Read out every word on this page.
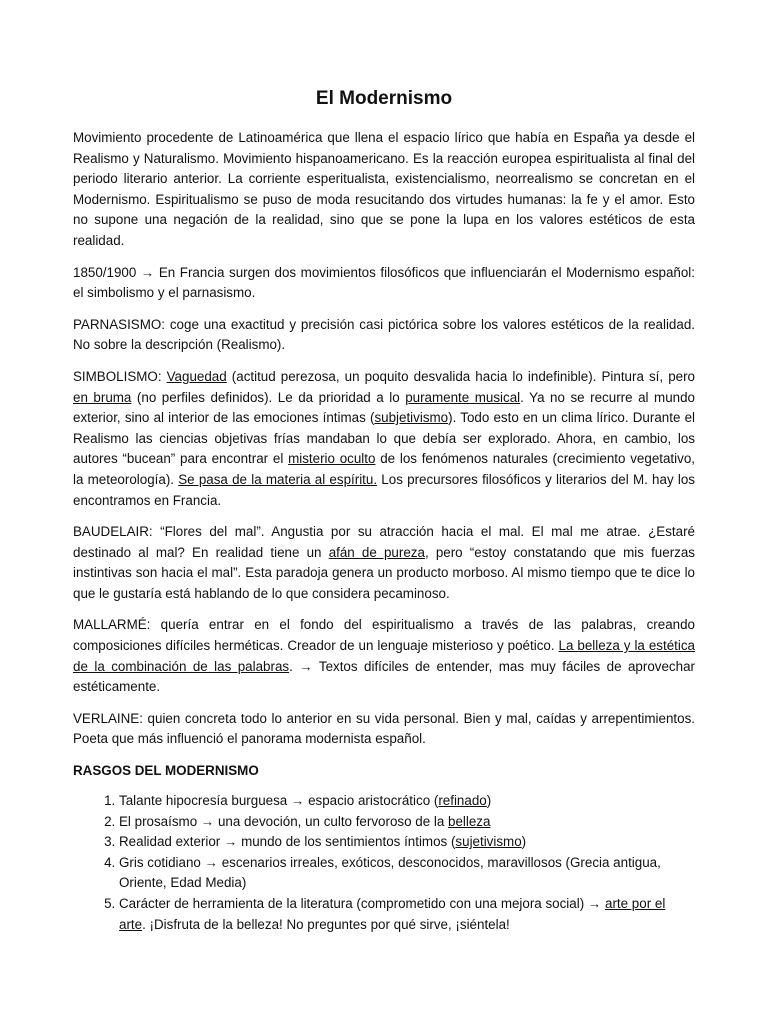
El Modernismo

Movimiento procedente de Latinoamérica que llena el espacio lírico que había en España ya desde el Realismo y Naturalismo. Movimiento hispanoamericano. Es la reacción europea espiritualista al final del periodo literario anterior. La corriente esperitualista, existencialismo, neorrealismo se concretan en el Modernismo. Espiritualismo se puso de moda resucitando dos virtudes humanas: la fe y el amor. Esto no supone una negación de la realidad, sino que se pone la lupa en los valores estéticos de esta realidad.

1850/1900 → En Francia surgen dos movimientos filosóficos que influenciarán el Modernismo español: el simbolismo y el parnasismo.

PARNASISMO: coge una exactitud y precisión casi pictórica sobre los valores estéticos de la realidad. No sobre la descripción (Realismo).

SIMBOLISMO: Vaguedad (actitud perezosa, un poquito desvalida hacia lo indefinible). Pintura sí, pero en bruma (no perfiles definidos). Le da prioridad a lo puramente musical. Ya no se recurre al mundo exterior, sino al interior de las emociones íntimas (subjetivismo). Todo esto en un clima lírico. Durante el Realismo las ciencias objetivas frías mandaban lo que debía ser explorado. Ahora, en cambio, los autores “bucean” para encontrar el misterio oculto de los fenómenos naturales (crecimiento vegetativo, la meteorología). Se pasa de la materia al espíritu. Los precursores filosóficos y literarios del M. hay los encontramos en Francia.

BAUDELAIR: “Flores del mal”. Angustia por su atracción hacia el mal. El mal me atrae. ¿Estaré destinado al mal? En realidad tiene un afán de pureza, pero “estoy constatando que mis fuerzas instintivas son hacia el mal”. Esta paradoja genera un producto morboso. Al mismo tiempo que te dice lo que le gustaría está hablando de lo que considera pecaminoso.

MALLARMÉ: quería entrar en el fondo del espiritualismo a través de las palabras, creando composiciones difíciles herméticas. Creador de un lenguaje misterioso y poético. La belleza y la estética de la combinación de las palabras. → Textos difíciles de entender, mas muy fáciles de aprovechar estéticamente.

VERLAINE: quien concreta todo lo anterior en su vida personal. Bien y mal, caídas y arrepentimientos. Poeta que más influenció el panorama modernista español.

RASGOS DEL MODERNISMO
1. Talante hipocresía burguesa → espacio aristocrático (refinado)
2. El prosaísmo → una devoción, un culto fervoroso de la belleza
3. Realidad exterior → mundo de los sentimientos íntimos (sujetivismo)
4. Gris cotidiano → escenarios irreales, exóticos, desconocidos, maravillosos (Grecia antigua, Oriente, Edad Media)
5. Carácter de herramienta de la literatura (comprometido con una mejora social) → arte por el arte. ¡Disfruta de la belleza! No preguntes por qué sirve, ¡siéntela!
